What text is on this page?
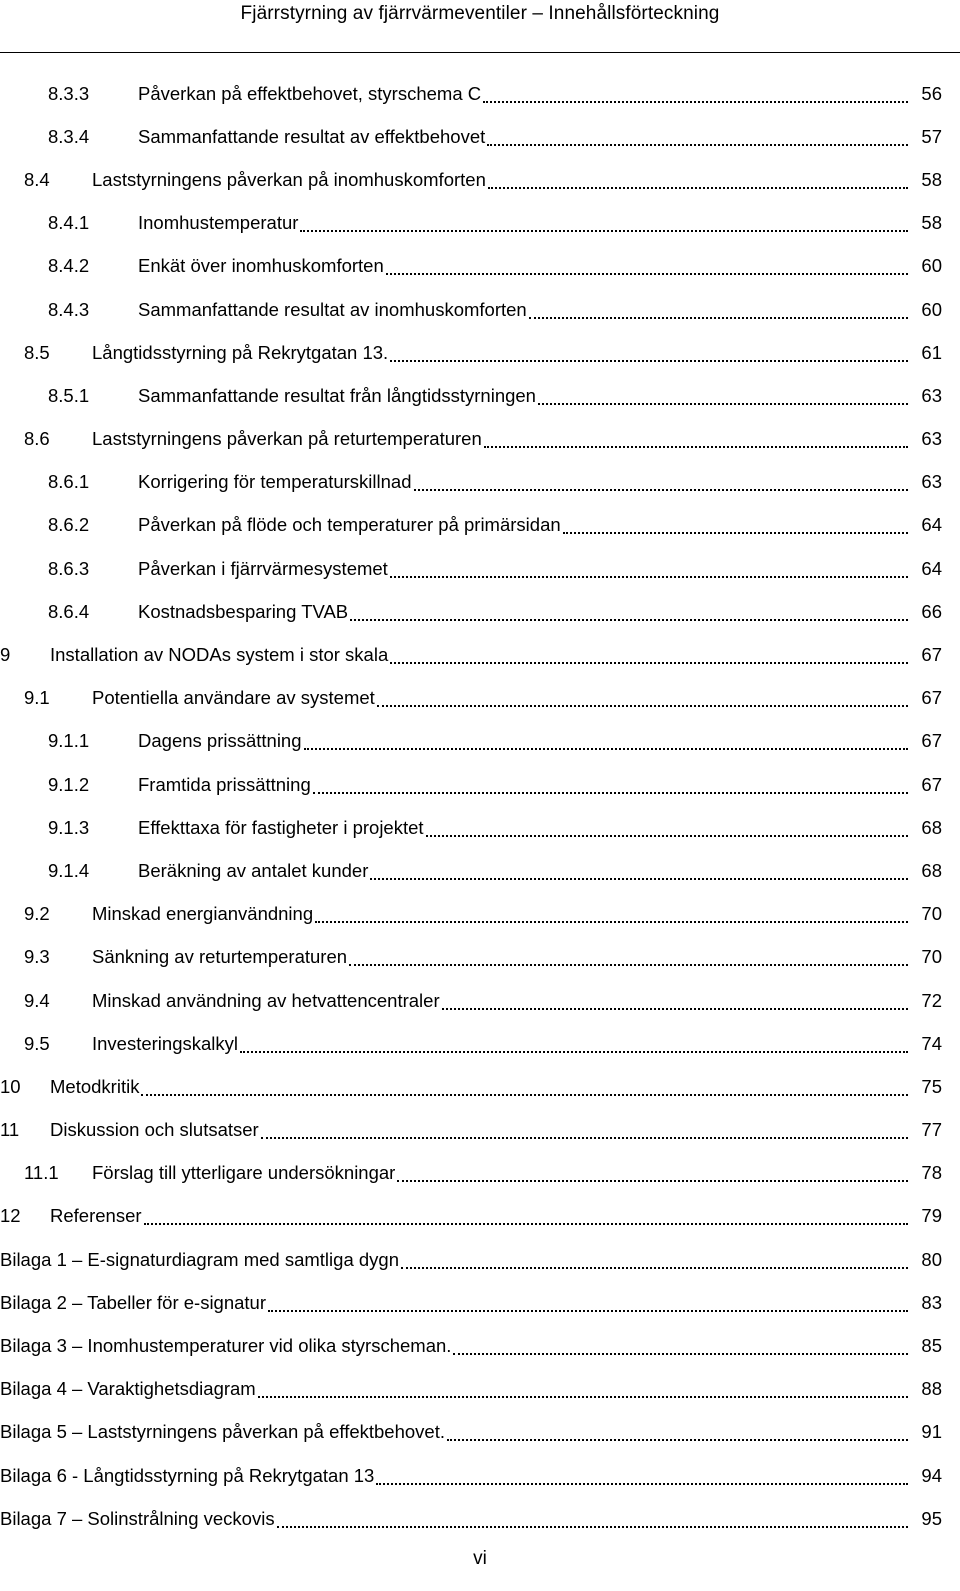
Fjärrstyrning av fjärrvärmeventiler – Innehållsförteckning
8.3.3	Påverkan på effektbehovet, styrschema C	56
8.3.4	Sammanfattande resultat av effektbehovet	57
8.4	Laststyrningens påverkan på inomhuskomforten	58
8.4.1	Inomhustemperatur	58
8.4.2	Enkät över inomhuskomforten	60
8.4.3	Sammanfattande resultat av inomhuskomforten	60
8.5	Långtidsstyrning på Rekrytgatan 13.	61
8.5.1	Sammanfattande resultat från långtidsstyrningen	63
8.6	Laststyrningens påverkan på returtemperaturen	63
8.6.1	Korrigering för temperaturskillnad	63
8.6.2	Påverkan på flöde och temperaturer på primärsidan	64
8.6.3	Påverkan i fjärrvärmesystemet	64
8.6.4	Kostnadsbesparing TVAB	66
9	Installation av NODAs system i stor skala	67
9.1	Potentiella användare av systemet	67
9.1.1	Dagens prissättning	67
9.1.2	Framtida prissättning	67
9.1.3	Effekttaxa för fastigheter i projektet	68
9.1.4	Beräkning av antalet kunder	68
9.2	Minskad energianvändning	70
9.3	Sänkning av returtemperaturen	70
9.4	Minskad användning av hetvattencentraler	72
9.5	Investeringskalkyl	74
10	Metodkritik	75
11	Diskussion och slutsatser	77
11.1	Förslag till ytterligare undersökningar	78
12	Referenser	79
Bilaga 1 – E-signaturdiagram med samtliga dygn	80
Bilaga 2 – Tabeller för e-signatur	83
Bilaga 3 – Inomhustemperaturer vid olika styrscheman.	85
Bilaga 4 – Varaktighetsdiagram	88
Bilaga 5 – Laststyrningens påverkan på effektbehovet.	91
Bilaga 6 - Långtidsstyrning på Rekrytgatan 13	94
Bilaga 7 – Solinstrålning veckovis	95
vi
